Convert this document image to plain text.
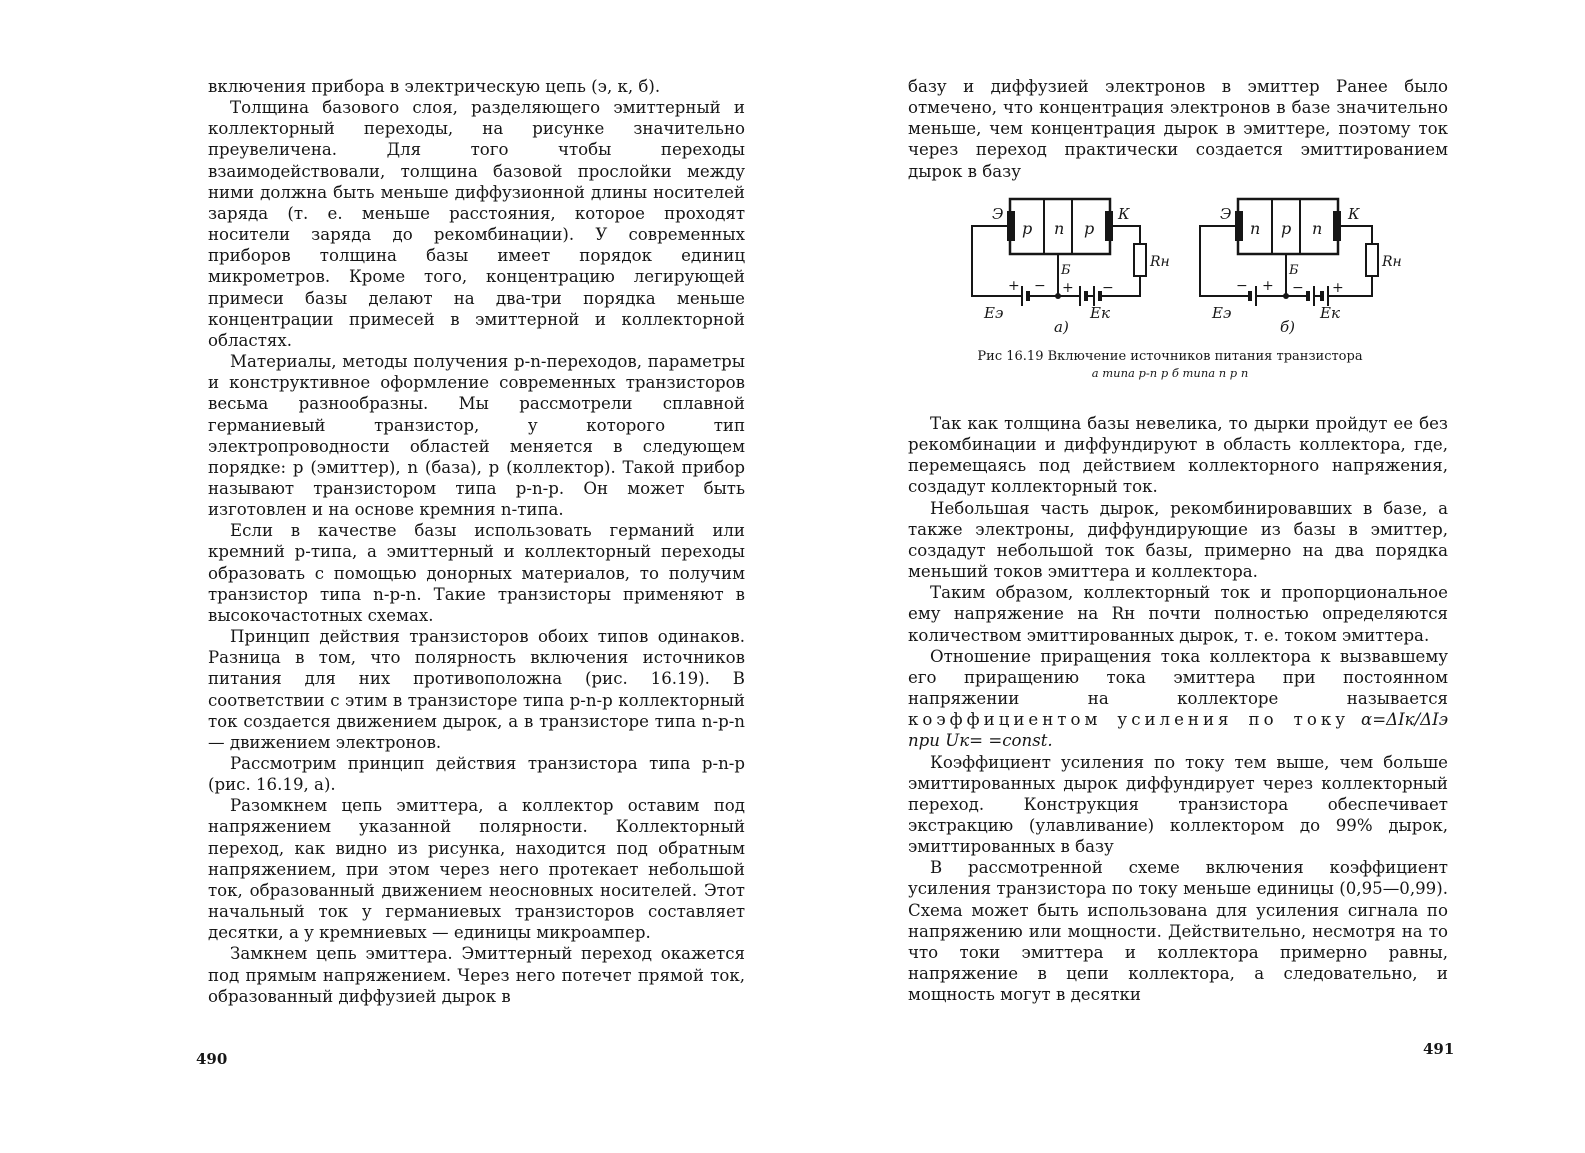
включения прибора в электрическую цепь (э, к, б).

Толщина базового слоя, разделяющего эмиттерный и коллекторный переходы, на рисунке значительно преувеличена. Для того чтобы переходы взаимодействовали, толщина базовой прослойки между ними должна быть меньше диффузионной длины носителей заряда (т. е. меньше расстояния, которое проходят носители заряда до рекомбинации). У современных приборов толщина базы имеет порядок единиц микрометров. Кроме того, концентрацию легирующей примеси базы делают на два-три порядка меньше концентрации примесей в эмиттерной и коллекторной областях.

Материалы, методы получения p-n-переходов, параметры и конструктивное оформление современных транзисторов весьма разнообразны. Мы рассмотрели сплавной германиевый транзистор, у которого тип электропроводности областей меняется в следующем порядке: p (эмиттер), n (база), p (коллектор). Такой прибор называют транзистором типа p-n-p. Он может быть изготовлен и на основе кремния n-типа.

Если в качестве базы использовать германий или кремний p-типа, а эмиттерный и коллекторный переходы образовать с помощью донорных материалов, то получим транзистор типа n-p-n. Такие транзисторы применяют в высокочастотных схемах.

Принцип действия транзисторов обоих типов одинаков. Разница в том, что полярность включения источников питания для них противоположна (рис. 16.19). В соответствии с этим в транзисторе типа p-n-p коллекторный ток создается движением дырок, а в транзисторе типа n-p-n — движением электронов.

Рассмотрим принцип действия транзистора типа p-n-p (рис. 16.19, а).

Разомкнем цепь эмиттера, а коллектор оставим под напряжением указанной полярности. Коллекторный переход, как видно из рисунка, находится под обратным напряжением, при этом через него протекает небольшой ток, образованный движением неосновных носителей. Этот начальный ток у германиевых транзисторов составляет десятки, а у кремниевых — единицы микроампер.

Замкнем цепь эмиттера. Эмиттерный переход окажется под прямым напряжением. Через него потечет прямой ток, образованный диффузией дырок в

490

базу и диффузией электронов в эмиттер Ранее было отмечено, что концентрация электронов в базе значительно меньше, чем концентрация дырок в эмиттере, поэтому ток через переход практически создается эмиттированием дырок в базу

Э	К
р п р
Б
Rн
+ − + −
Eэ	Eк
а)
Э	К
п р п
Б
Rн
− + − +
Eэ	Eк
б)
Рис 16.19 Включение источников питания транзистора
а типа р-п р б типа п р п

Так как толщина базы невелика, то дырки пройдут ее без рекомбинации и диффундируют в область коллектора, где, перемещаясь под действием коллекторного напряжения, создадут коллекторный ток.

Небольшая часть дырок, рекомбинировавших в базе, а также электроны, диффундирующие из базы в эмиттер, создадут небольшой ток базы, примерно на два порядка меньший токов эмиттера и коллектора.

Таким образом, коллекторный ток и пропорциональное ему напряжение на Rн почти полностью определяются количеством эмиттированных дырок, т. е. током эмиттера.

Отношение приращения тока коллектора к вызвавшему его приращению тока эмиттера при постоянном напряжении на коллекторе называется коэффициентом усиления по току α=ΔIк/ΔIэ при Uк= =const.

Коэффициент усиления по току тем выше, чем больше эмиттированных дырок диффундирует через коллекторный переход. Конструкция транзистора обеспечивает экстракцию (улавливание) коллектором до 99% дырок, эмиттированных в базу

В рассмотренной схеме включения коэффициент усиления транзистора по току меньше единицы (0,95—0,99). Схема может быть использована для усиления сигнала по напряжению или мощности. Действительно, несмотря на то что токи эмиттера и коллектора примерно равны, напряжение в цепи коллектора, а следовательно, и мощность могут в десятки

491
